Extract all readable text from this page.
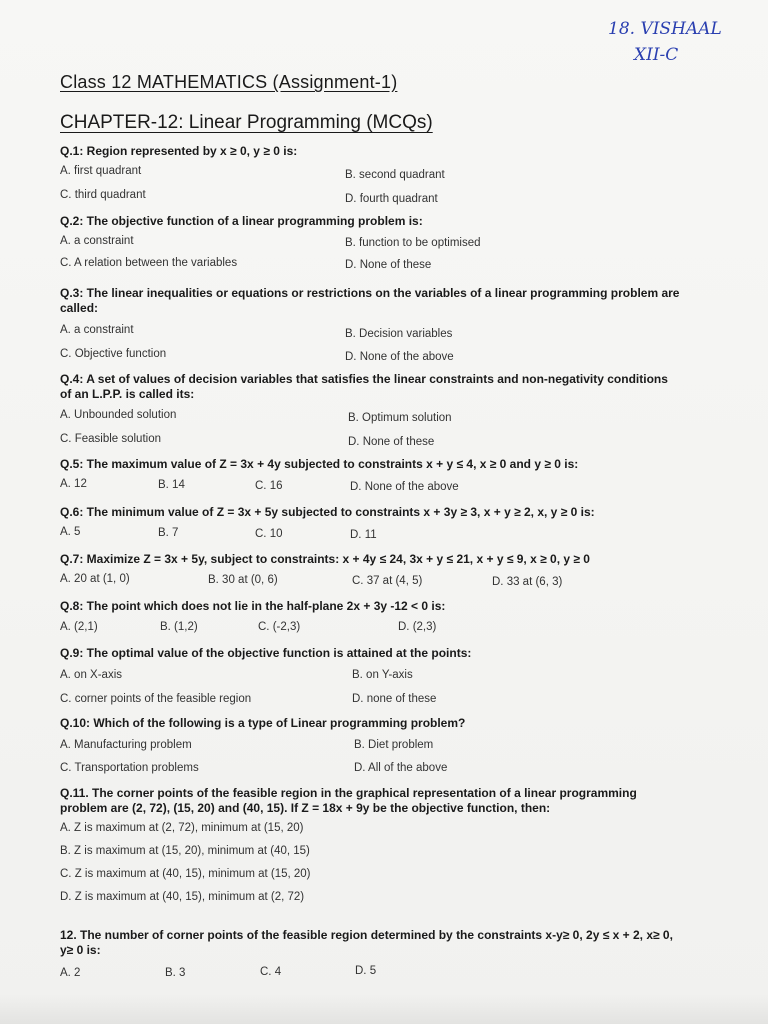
18. VISHAAL
XII-C
Class 12 MATHEMATICS (Assignment-1)
CHAPTER-12: Linear Programming (MCQs)

Q.1: Region represented by x ≥ 0, y ≥ 0 is:

A. first quadrant	B. second quadrant
C. third quadrant	D. fourth quadrant

Q.2: The objective function of a linear programming problem is:

A. a constraint	B. function to be optimised
C. A relation between the variables	D. None of these

Q.3: The linear inequalities or equations or restrictions on the variables of a linear programming problem are called:

A. a constraint	B. Decision variables
C. Objective function	D. None of the above

Q.4: A set of values of decision variables that satisfies the linear constraints and non-negativity conditions of an L.P.P. is called its:

A. Unbounded solution	B. Optimum solution
C. Feasible solution	D. None of these

Q.5: The maximum value of Z = 3x + 4y subjected to constraints x + y ≤ 4, x ≥ 0 and y ≥ 0 is:

A. 12	B. 14	C. 16	D. None of the above

Q.6: The minimum value of Z = 3x + 5y subjected to constraints x + 3y ≥ 3, x + y ≥ 2, x, y ≥ 0 is:

A. 5	B. 7	C. 10	D. 11

Q.7: Maximize Z = 3x + 5y, subject to constraints: x + 4y ≤ 24, 3x + y ≤ 21, x + y ≤ 9, x ≥ 0, y ≥ 0

A. 20 at (1, 0)	B. 30 at (0, 6)	C. 37 at (4, 5)	D. 33 at (6, 3)

Q.8: The point which does not lie in the half-plane 2x + 3y -12 < 0 is:

A. (2,1)	B. (1,2)	C. (-2,3)	D. (2,3)

Q.9: The optimal value of the objective function is attained at the points:

A. on X-axis	B. on Y-axis
C. corner points of the feasible region	D. none of these

Q.10: Which of the following is a type of Linear programming problem?

A. Manufacturing problem	B. Diet problem
C. Transportation problems	D. All of the above

Q.11. The corner points of the feasible region in the graphical representation of a linear programming problem are (2, 72), (15, 20) and (40, 15). If Z = 18x + 9y be the objective function, then:

A. Z is maximum at (2, 72), minimum at (15, 20)
B. Z is maximum at (15, 20), minimum at (40, 15)
C. Z is maximum at (40, 15), minimum at (15, 20)
D. Z is maximum at (40, 15), minimum at (2, 72)

12. The number of corner points of the feasible region determined by the constraints x-y≥ 0, 2y ≤ x + 2, x≥ 0, y≥ 0 is:

A. 2	B. 3	C. 4	D. 5
